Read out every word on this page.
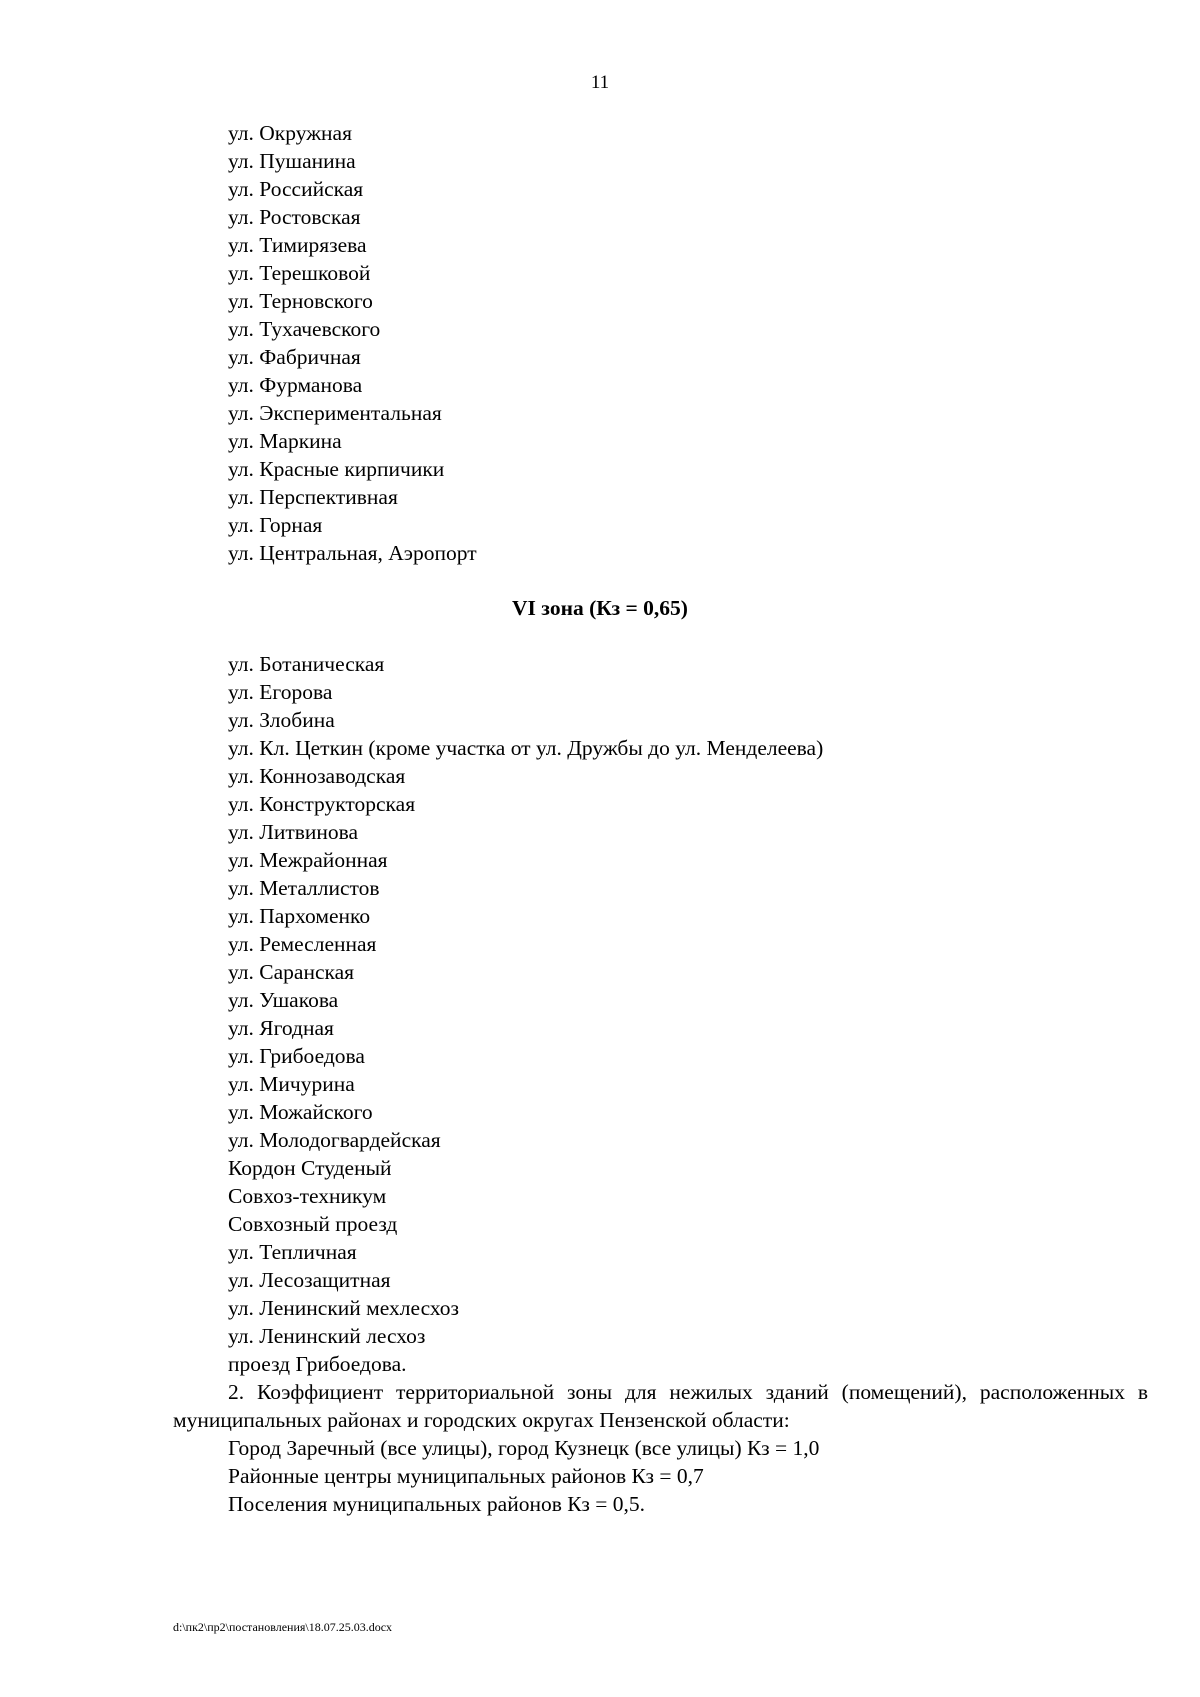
11
ул. Окружная
ул. Пушанина
ул. Российская
ул. Ростовская
ул. Тимирязева
ул. Терешковой
ул. Терновского
ул. Тухачевского
ул. Фабричная
ул. Фурманова
ул. Экспериментальная
ул. Маркина
ул. Красные кирпичики
ул. Перспективная
ул. Горная
ул. Центральная, Аэропорт
VI зона (Кз = 0,65)
ул. Ботаническая
ул. Егорова
ул. Злобина
ул. Кл. Цеткин (кроме участка от ул. Дружбы до ул. Менделеева)
ул. Коннозаводская
ул. Конструкторская
ул. Литвинова
ул. Межрайонная
ул. Металлистов
ул. Пархоменко
ул. Ремесленная
ул. Саранская
ул. Ушакова
ул. Ягодная
ул. Грибоедова
ул. Мичурина
ул. Можайского
ул. Молодогвардейская
Кордон Студеный
Совхоз-техникум
Совхозный проезд
ул. Тепличная
ул. Лесозащитная
ул. Ленинский мехлесхоз
ул. Ленинский лесхоз
проезд Грибоедова.

2. Коэффициент территориальной зоны для нежилых зданий (помещений), расположенных в муниципальных районах и городских округах Пензенской области:

Город Заречный (все улицы), город Кузнецк (все улицы) Кз = 1,0
Районные центры муниципальных районов Кз = 0,7
Поселения муниципальных районов Кз = 0,5.
d:\пк2\пр2\постановления\18.07.25.03.docx
